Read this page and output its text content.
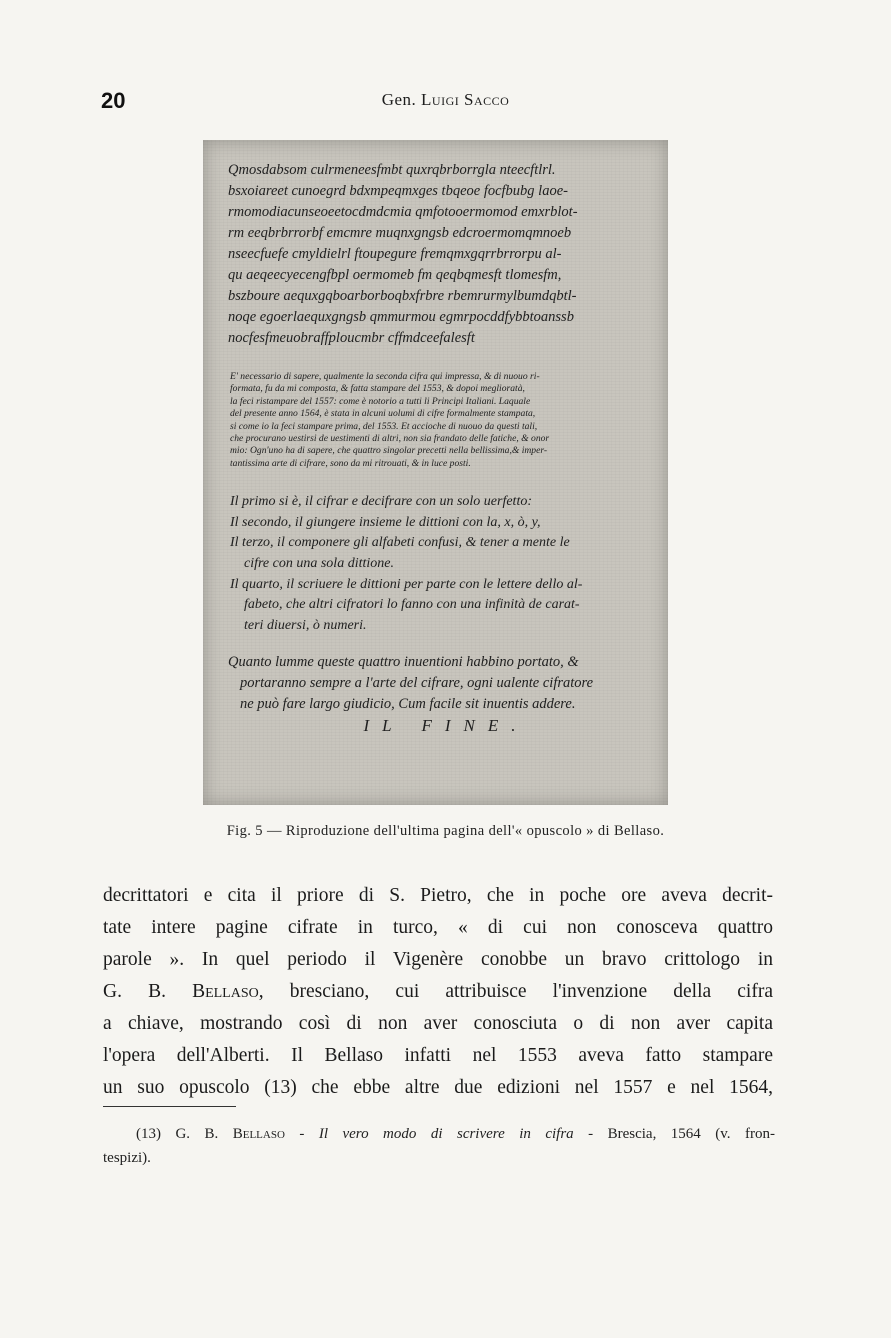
20	Gen. Luigi Sacco
Qmosdabsom culrmeneesfmbt quxrqbrborrgla nteecftlrl.
bsxoiareet cunoegrd bdxmpeqmxges tbqeoe focfbubg laoe-
rmomodiacunseoeetocdmdcmia qmfotooermomod emxrblot-
rm eeqbrbrrorbf emcmre muqnxgngsb edcroermomqmnoeb
nseecfuefe cmyldielrl ftoupegure fremqmxgqrrbrrorpu al-
qu aeqeecyecengfbpl oermomeb fm qeqbqmesft tlomesfm,
bszboure aequxgqboarborboqbxfrbre rbemrurmylbumdqbtl-
noqe egoerlaequxgngsb qmmurmou egmrpocddfybbtoanssb
nocfesfmeuobraffploucmbr cffmdceefalesft
E' necessario di sapere, qualmente la seconda cifra qui impressa, & di nuouo ri-
formata, fu da mi composta, & fatta stampare del 1553, & dopoi meglioratà,
la feci ristampare del 1557: come è notorio a tutti li Principi Italiani. Laquale
del presente anno 1564, è stata in alcuni uolumi di cifre formalmente stampata,
si come io la feci stampare prima, del 1553. Et accioche di nuouo da questi tali,
che procurano uestirsi de uestimenti di altri, non sia frandato delle fatiche, & onor
mio: Ogn'uno ha di sapere, che quattro singolar precetti nella bellissima,& imper-
tantissima arte di cifrare, sono da mi ritrouati, & in luce posti.
Il primo si è, il cifrar e decifrare con un solo uerfetto:
Il secondo, il giungere insieme le dittioni con la, x, ò, y,
Il terzo, il componere gli alfabeti confusi, & tener a mente le
cifre con una sola dittione.
Il quarto, il scriuere le dittioni per parte con le lettere dello al-
fabeto, che altri cifratori lo fanno con una infinità de carat-
teri diuersi, ò numeri.
Quanto lumme queste quattro inuentioni habbino portato, &
portaranno sempre a l'arte del cifrare, ogni ualente cifratore
ne può fare largo giudicio, Cum facile sit inuentis addere.
IL FINE.
Fig. 5 — Riproduzione dell'ultima pagina dell'« opuscolo » di Bellaso.
decrittatori e cita il priore di S. Pietro, che in poche ore aveva decrit-
tate intere pagine cifrate in turco, « di cui non conosceva quattro
parole ». In quel periodo il Vigenère conobbe un bravo crittologo in
G. B. Bellaso, bresciano, cui attribuisce l'invenzione della cifra
a chiave, mostrando così di non aver conosciuta o di non aver capita
l'opera dell'Alberti. Il Bellaso infatti nel 1553 aveva fatto stampare
un suo opuscolo (13) che ebbe altre due edizioni nel 1557 e nel 1564,
(13) G. B. Bellaso - Il vero modo di scrivere in cifra - Brescia, 1564 (v. fron-
tespizi).
